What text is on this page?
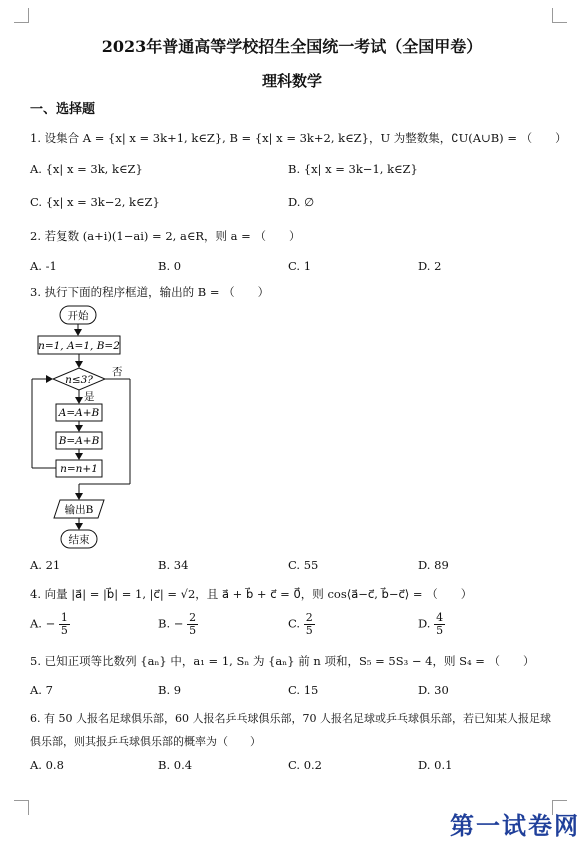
2023年普通高等学校招生全国统一考试（全国甲卷）
理科数学
一、选择题
1. 设集合 A = {x| x = 3k+1, k∈Z}, B = {x| x = 3k+2, k∈Z}，U 为整数集，∁U(A∪B) = （　　）
A. {x| x = 3k, k∈Z}	B. {x| x = 3k−1, k∈Z}
C. {x| x = 3k−2, k∈Z}	D. ∅
2. 若复数 (a+i)(1−ai) = 2, a∈R，则 a = （　　）
A. -1	B. 0	C. 1	D. 2
3. 执行下面的程序框道，输出的 B = （　　）
开始
n=1, A=1, B=2
n≤3?
否
是
A=A+B
B=A+B
n=n+1
输出B
结束
A. 21	B. 34	C. 55	D. 89
4. 向量 |a⃗| = |b⃗| = 1, |c⃗| = √2，且 a⃗ + b⃗ + c⃗ = 0⃗，则 cos⟨a⃗−c⃗, b⃗−c⃗⟩ = （　　）
A. − $\frac{1}{5}$	B. − $\frac{2}{5}$	C. $\frac{2}{5}$	D. $\frac{4}{5}$
5. 已知正项等比数列 {aₙ} 中，a₁ = 1, Sₙ 为 {aₙ} 前 n 项和，S₅ = 5S₃ − 4，则 S₄ = （　　）
A. 7	B. 9	C. 15	D. 30
6. 有 50 人报名足球俱乐部，60 人报名乒乓球俱乐部，70 人报名足球或乒乓球俱乐部，若已知某人报足球
俱乐部，则其报乒乓球俱乐部的概率为（　　）
A. 0.8	B. 0.4	C. 0.2	D. 0.1
第一试卷网
